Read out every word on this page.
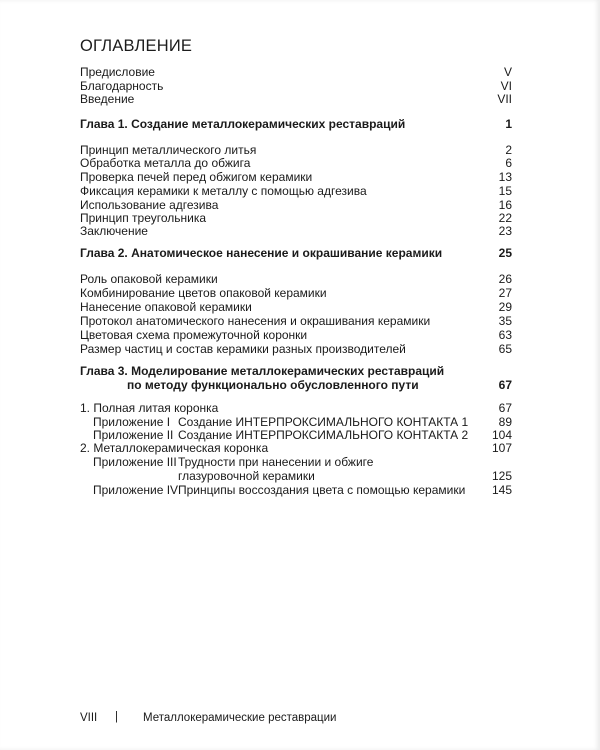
ОГЛАВЛЕНИЕ
Предисловие	V
Благодарность	VI
Введение	VII
Глава 1. Создание металлокерамических реставраций	1
Принцип металлического литья	2
Обработка металла до обжига	6
Проверка печей перед обжигом керамики	13
Фиксация керамики к металлу с помощью адгезива	15
Использование адгезива	16
Принцип треугольника	22
Заключение	23
Глава 2. Анатомическое нанесение и окрашивание керамики	25
Роль опаковой керамики	26
Комбинирование цветов опаковой керамики	27
Нанесение опаковой керамики	29
Протокол анатомического нанесения и окрашивания керамики	35
Цветовая схема промежуточной коронки	63
Размер частиц и состав керамики разных производителей	65
Глава 3. Моделирование металлокерамических реставраций
по методу функционально обусловленного пути	67
1. Полная литая коронка	67
Приложение I Создание ИНТЕРПРОКСИМАЛЬНОГО КОНТАКТА 1	89
Приложение II Создание ИНТЕРПРОКСИМАЛЬНОГО КОНТАКТА 2 104
2. Металлокерамическая коронка	107
Приложение III Трудности при нанесении и обжиге
глазуровочной керамики	125
Приложение IV Принципы воссоздания цвета с помощью керамики 145
VIII | Металлокерамические реставрации
